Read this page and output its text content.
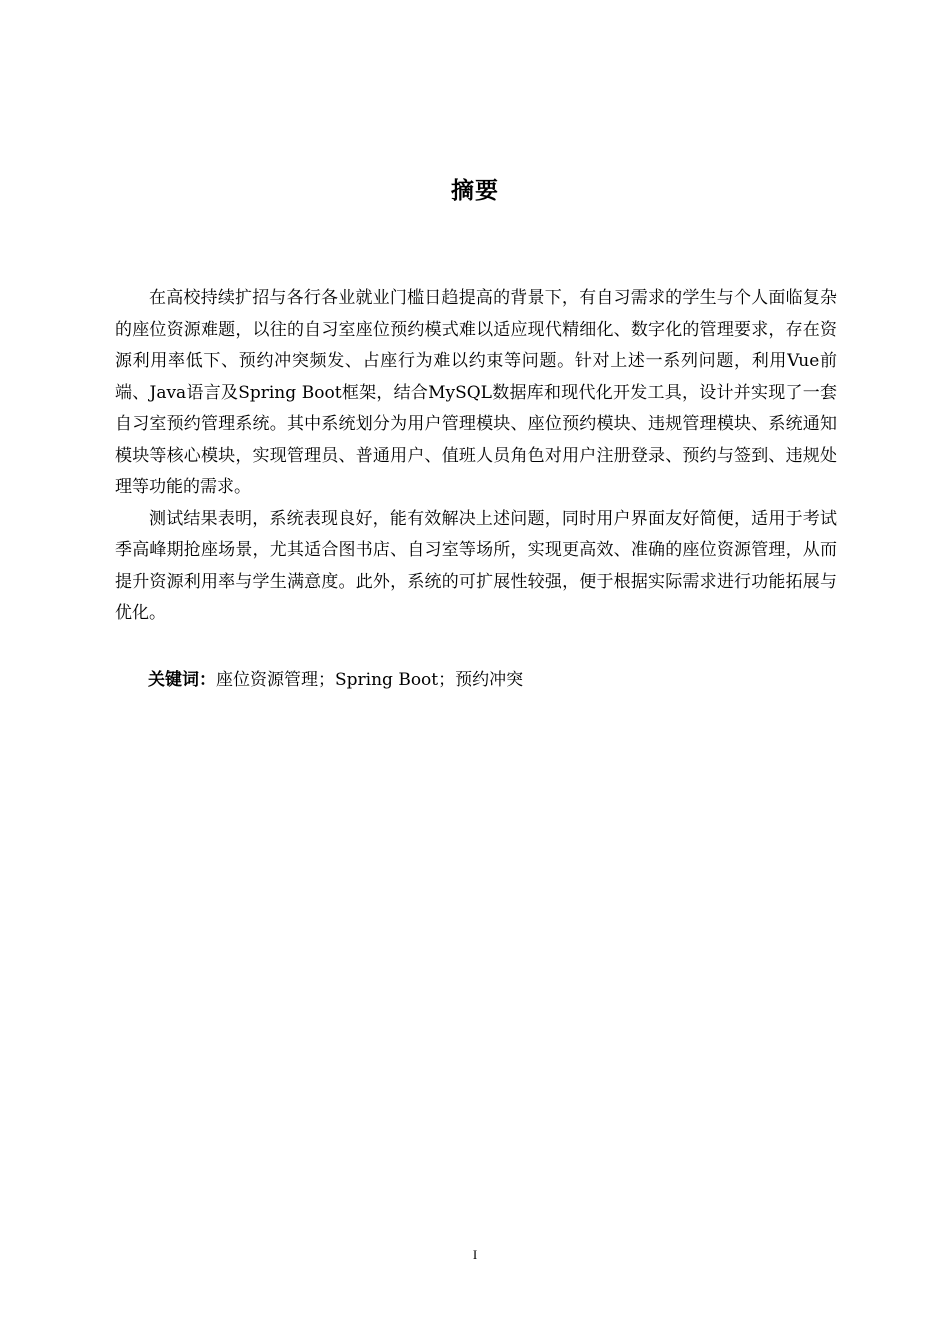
摘要

在高校持续扩招与各行各业就业门槛日趋提高的背景下，有自习需求的学生与个人面临复杂的座位资源难题，以往的自习室座位预约模式难以适应现代精细化、数字化的管理要求，存在资源利用率低下、预约冲突频发、占座行为难以约束等问题。针对上述一系列问题，利用Vue前端、Java语言及Spring Boot框架，结合MySQL数据库和现代化开发工具，设计并实现了一套自习室预约管理系统。其中系统划分为用户管理模块、座位预约模块、违规管理模块、系统通知模块等核心模块，实现管理员、普通用户、值班人员角色对用户注册登录、预约与签到、违规处理等功能的需求。

测试结果表明，系统表现良好，能有效解决上述问题，同时用户界面友好简便，适用于考试季高峰期抢座场景，尤其适合图书店、自习室等场所，实现更高效、准确的座位资源管理，从而提升资源利用率与学生满意度。此外，系统的可扩展性较强，便于根据实际需求进行功能拓展与优化。

关键词：座位资源管理；Spring Boot；预约冲突
I
